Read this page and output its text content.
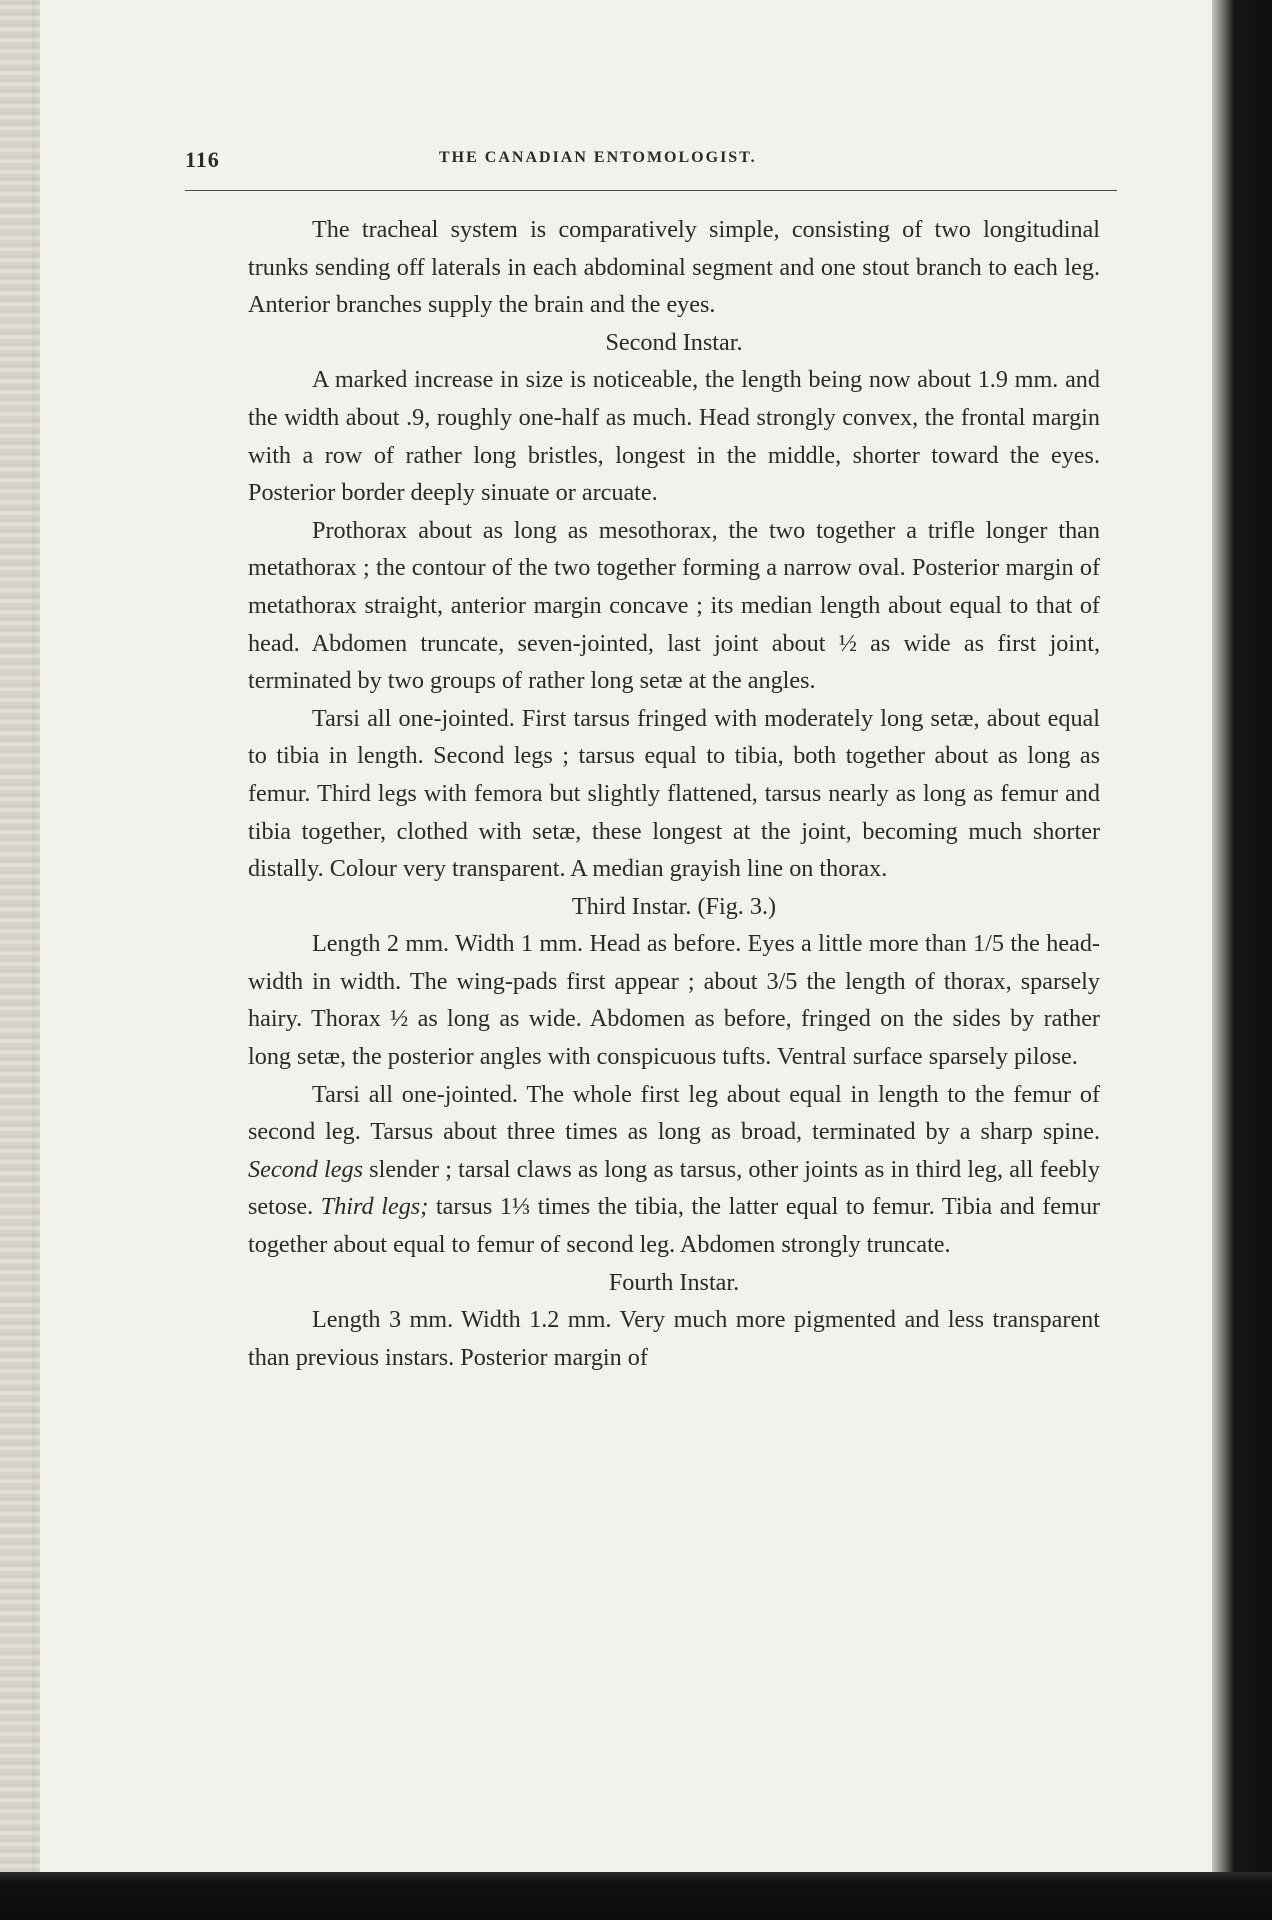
116	THE CANADIAN ENTOMOLOGIST.

The tracheal system is comparatively simple, consisting of two longitudinal trunks sending off laterals in each abdominal segment and one stout branch to each leg. Anterior branches supply the brain and the eyes.

Second Instar.

A marked increase in size is noticeable, the length being now about 1.9 mm. and the width about .9, roughly one-half as much. Head strongly convex, the frontal margin with a row of rather long bristles, longest in the middle, shorter toward the eyes. Posterior border deeply sinuate or arcuate.

Prothorax about as long as mesothorax, the two together a trifle longer than metathorax ; the contour of the two together forming a narrow oval. Posterior margin of metathorax straight, anterior margin concave ; its median length about equal to that of head. Abdomen truncate, seven-jointed, last joint about ½ as wide as first joint, terminated by two groups of rather long setæ at the angles.

Tarsi all one-jointed. First tarsus fringed with moderately long setæ, about equal to tibia in length. Second legs ; tarsus equal to tibia, both together about as long as femur. Third legs with femora but slightly flattened, tarsus nearly as long as femur and tibia together, clothed with setæ, these longest at the joint, becoming much shorter distally. Colour very transparent. A median grayish line on thorax.

Third Instar. (Fig. 3.)

Length 2 mm. Width 1 mm. Head as before. Eyes a little more than 1/5 the head-width in width. The wing-pads first appear ; about 3/5 the length of thorax, sparsely hairy. Thorax ½ as long as wide. Abdomen as before, fringed on the sides by rather long setæ, the posterior angles with conspicuous tufts. Ventral surface sparsely pilose.

Tarsi all one-jointed. The whole first leg about equal in length to the femur of second leg. Tarsus about three times as long as broad, terminated by a sharp spine. Second legs slender ; tarsal claws as long as tarsus, other joints as in third leg, all feebly setose. Third legs; tarsus 1⅓ times the tibia, the latter equal to femur. Tibia and femur together about equal to femur of second leg. Abdomen strongly truncate.

Fourth Instar.

Length 3 mm. Width 1.2 mm. Very much more pigmented and less transparent than previous instars. Posterior margin of
